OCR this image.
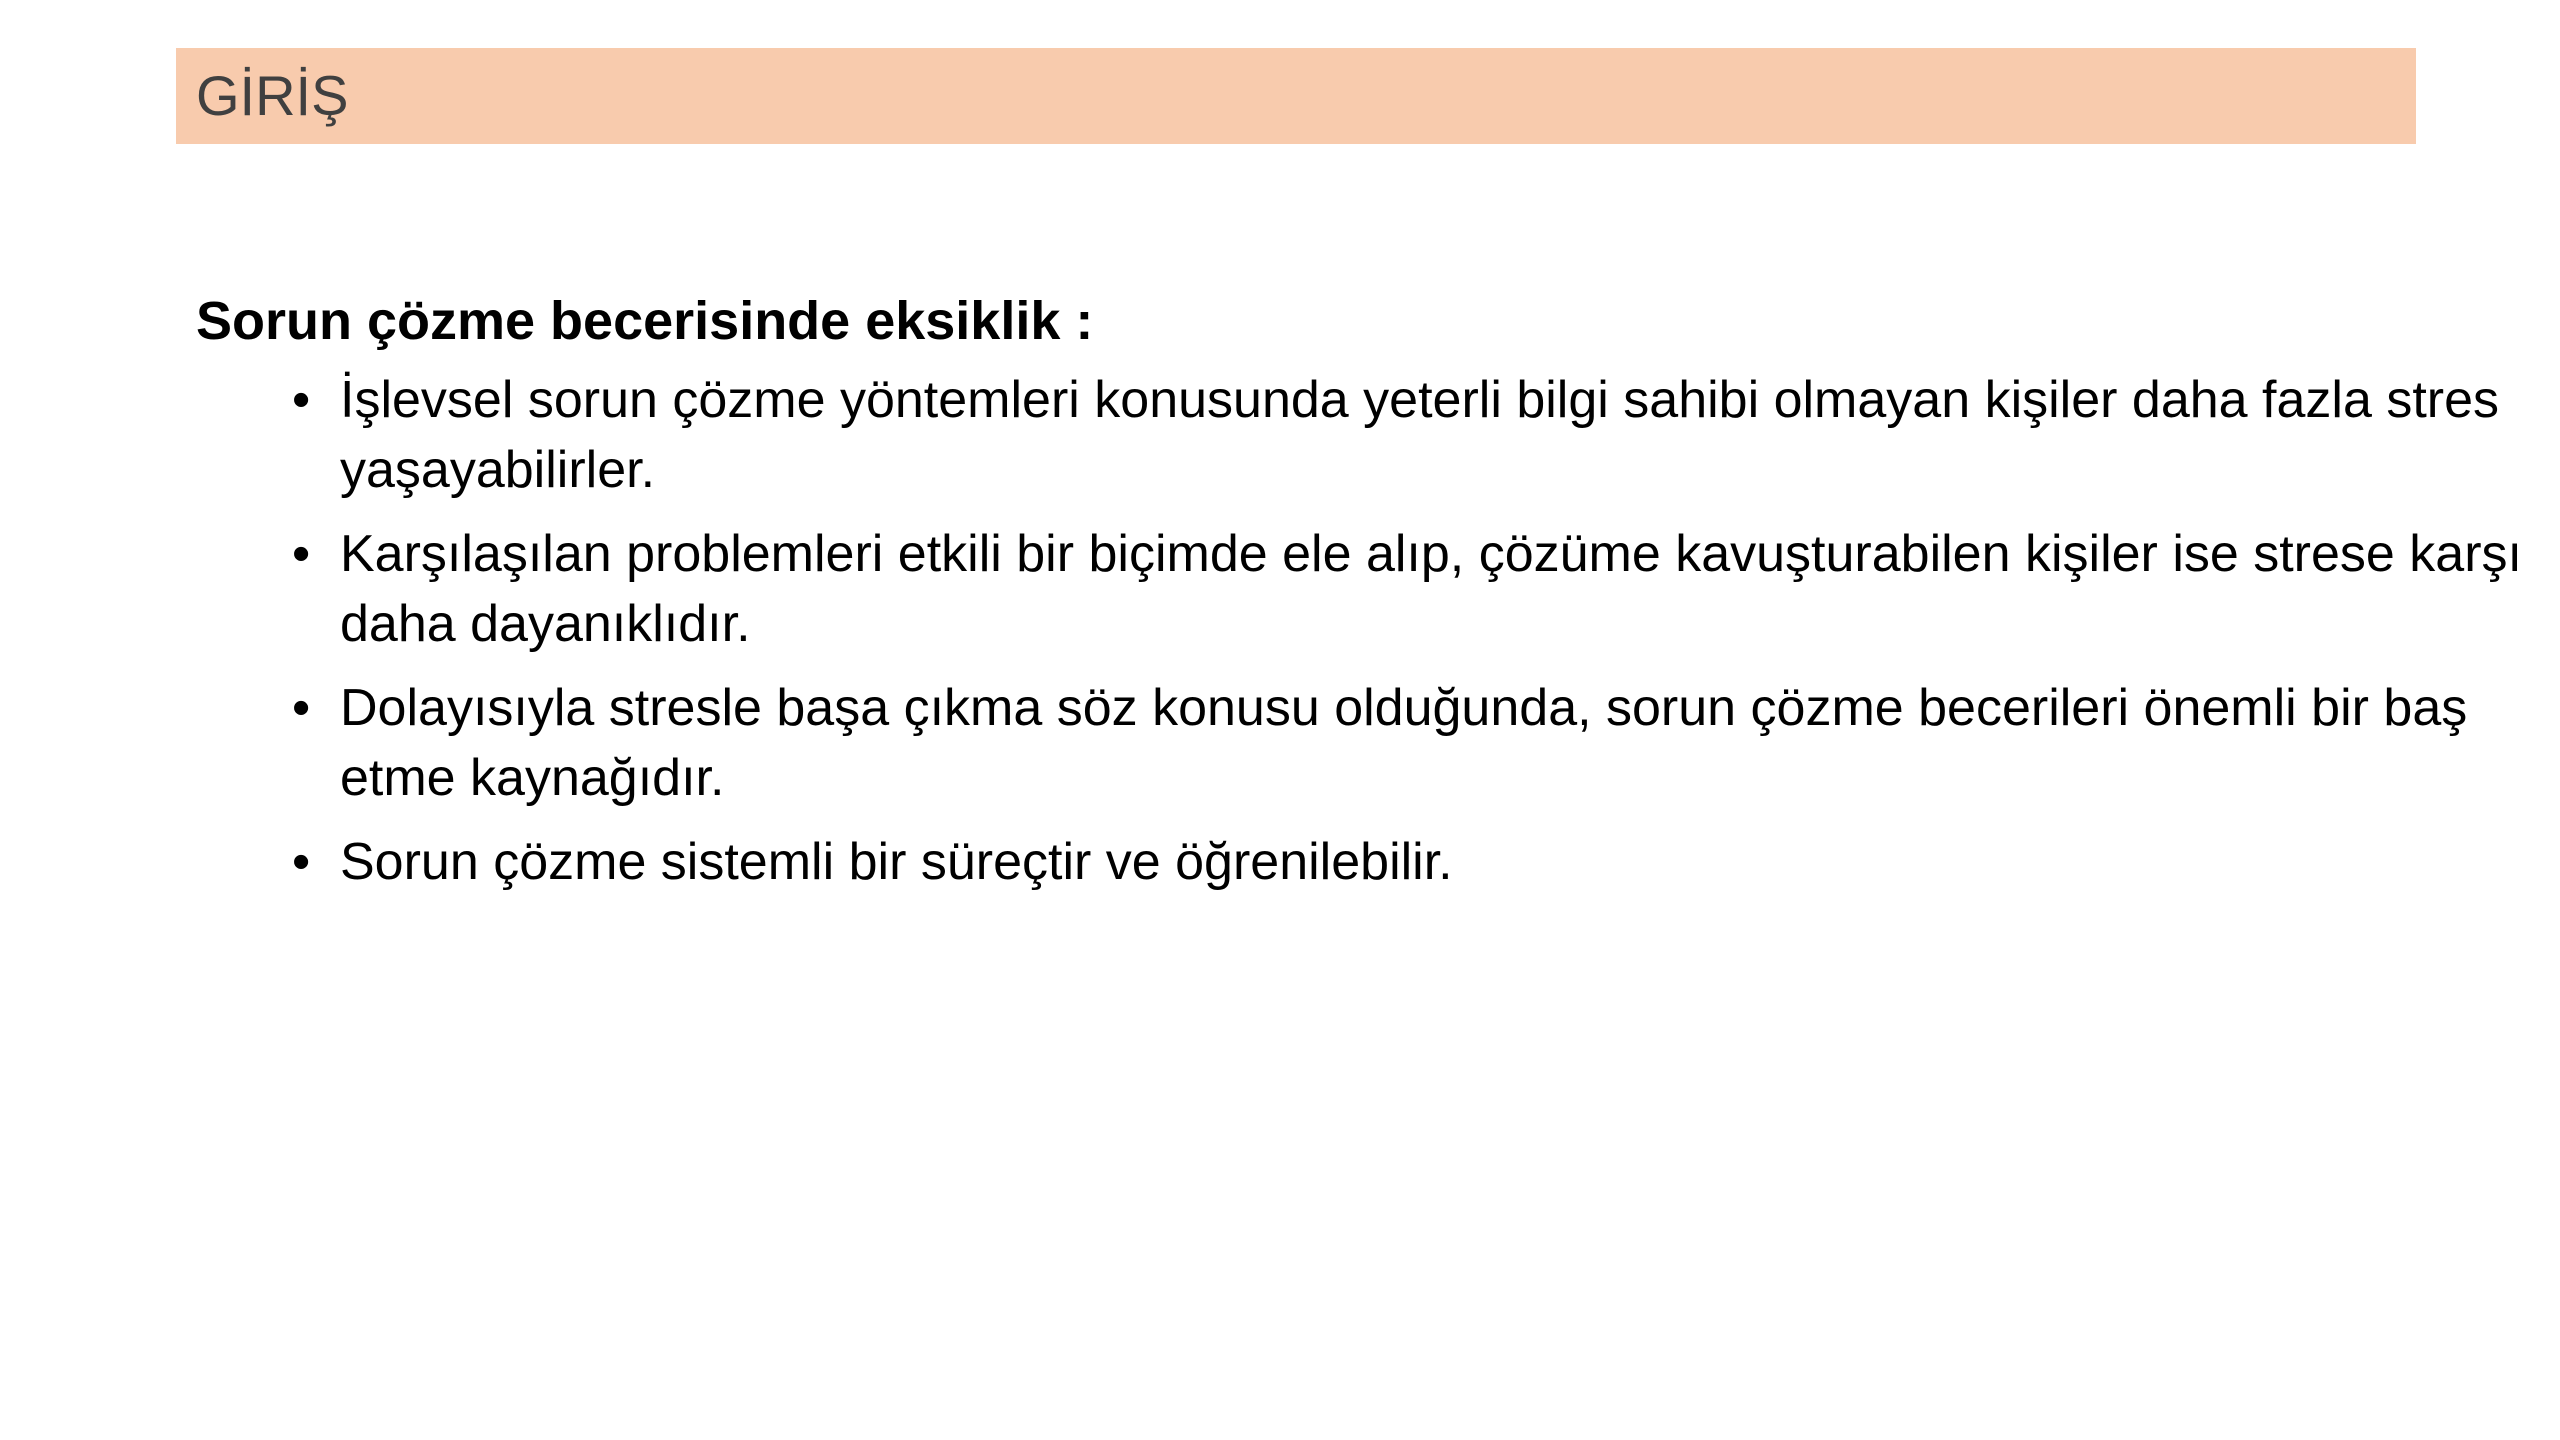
GİRİŞ
Sorun çözme becerisinde eksiklik :
• İşlevsel sorun çözme yöntemleri konusunda yeterli bilgi sahibi olmayan kişiler daha fazla stres yaşayabilirler.
• Karşılaşılan problemleri etkili bir biçimde ele alıp, çözüme kavuşturabilen kişiler ise strese karşı daha dayanıklıdır.
• Dolayısıyla stresle başa çıkma söz konusu olduğunda, sorun çözme becerileri önemli bir baş etme kaynağıdır.
• Sorun çözme sistemli bir süreçtir ve öğrenilebilir.
